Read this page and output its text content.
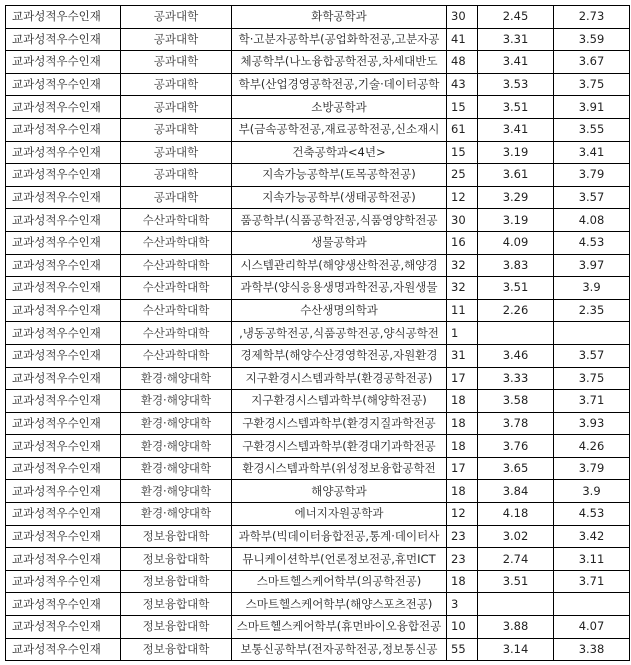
교과성적우수인재	공과대학	화학공학과	30	2.45	2.73
교과성적우수인재	공과대학	학·고분자공학부(공업화학전공,고분자공	41	3.31	3.59
교과성적우수인재	공과대학	체공학부(나노융합공학전공,차세대반도	48	3.41	3.67
교과성적우수인재	공과대학	학부(산업경영공학전공,기술·데이터공학	43	3.53	3.75
교과성적우수인재	공과대학	소방공학과	15	3.51	3.91
교과성적우수인재	공과대학	부(금속공학전공,재료공학전공,신소재시	61	3.41	3.55
교과성적우수인재	공과대학	건축공학과<4년>	15	3.19	3.41
교과성적우수인재	공과대학	지속가능공학부(토목공학전공)	25	3.61	3.79
교과성적우수인재	공과대학	지속가능공학부(생태공학전공)	12	3.29	3.57
교과성적우수인재	수산과학대학	품공학부(식품공학전공,식품영양학전공	30	3.19	4.08
교과성적우수인재	수산과학대학	생물공학과	16	4.09	4.53
교과성적우수인재	수산과학대학	시스템관리학부(해양생산학전공,해양경	32	3.83	3.97
교과성적우수인재	수산과학대학	과학부(양식응용생명과학전공,자원생물	32	3.51	3.9
교과성적우수인재	수산과학대학	수산생명의학과	11	2.26	2.35
교과성적우수인재	수산과학대학	,냉동공학전공,식품공학전공,양식공학전	1		
교과성적우수인재	수산과학대학	경제학부(해양수산경영학전공,자원환경	31	3.46	3.57
교과성적우수인재	환경·해양대학	지구환경시스템과학부(환경공학전공)	17	3.33	3.75
교과성적우수인재	환경·해양대학	지구환경시스템과학부(해양학전공)	18	3.58	3.71
교과성적우수인재	환경·해양대학	구환경시스템과학부(환경지질과학전공	18	3.78	3.93
교과성적우수인재	환경·해양대학	구환경시스템과학부(환경대기과학전공	18	3.76	4.26
교과성적우수인재	환경·해양대학	환경시스템과학부(위성정보융합공학전	17	3.65	3.79
교과성적우수인재	환경·해양대학	해양공학과	18	3.84	3.9
교과성적우수인재	환경·해양대학	에너지자원공학과	12	4.18	4.53
교과성적우수인재	정보융합대학	과학부(빅데이터융합전공,통계·데이터사	23	3.02	3.42
교과성적우수인재	정보융합대학	뮤니케이션학부(언론정보전공,휴먼ICT	23	2.74	3.11
교과성적우수인재	정보융합대학	스마트헬스케어학부(의공학전공)	18	3.51	3.71
교과성적우수인재	정보융합대학	스마트헬스케어학부(해양스포츠전공)	3		
교과성적우수인재	정보융합대학	스마트헬스케어학부(휴먼바이오융합전공	10	3.88	4.07
교과성적우수인재	정보융합대학	보통신공학부(전자공학전공,정보통신공	55	3.14	3.38
